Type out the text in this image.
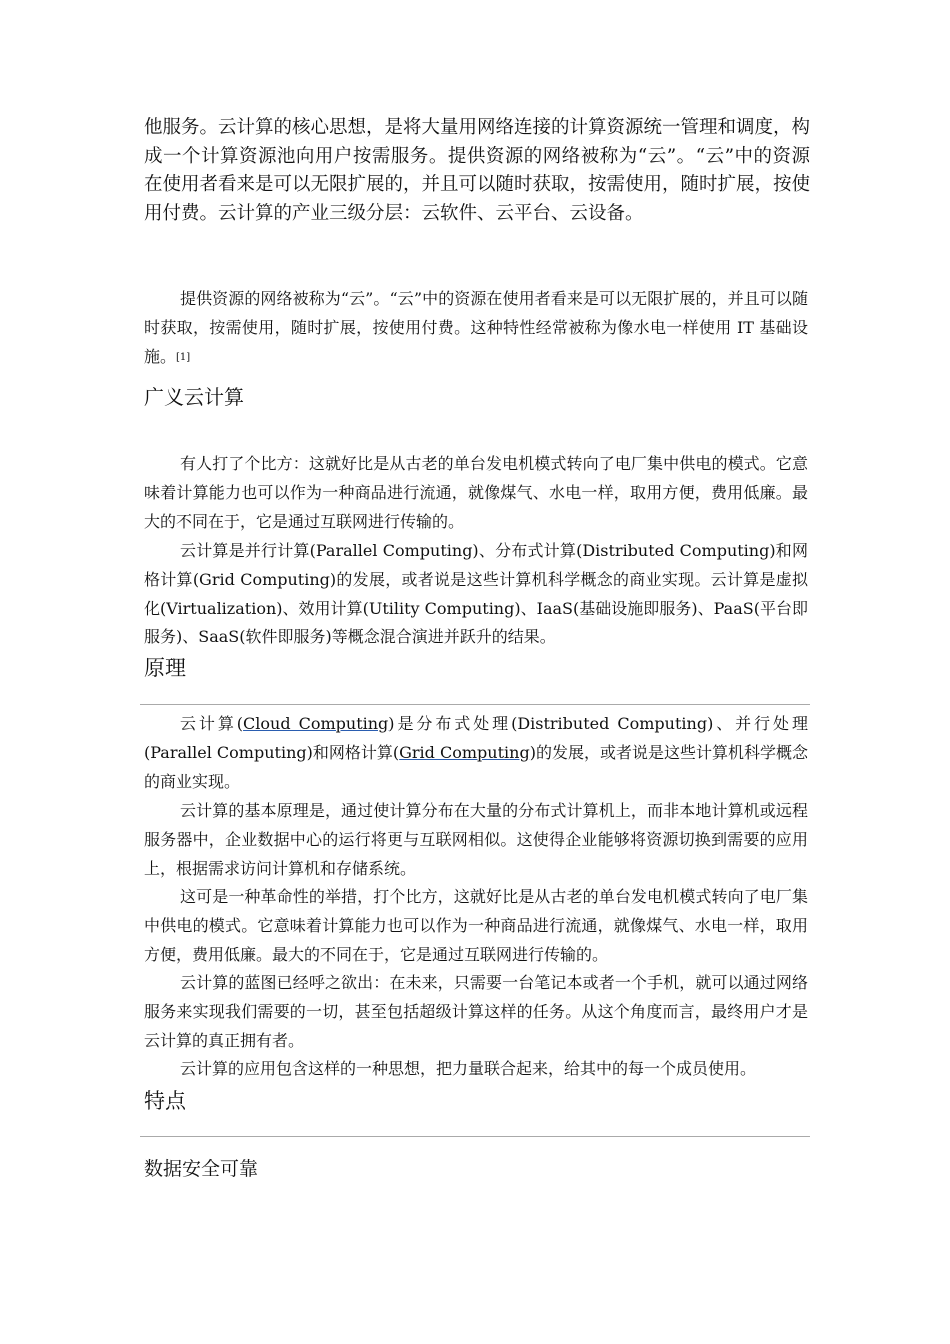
他服务。云计算的核心思想，是将大量用网络连接的计算资源统一管理和调度，构成一个计算资源池向用户按需服务。提供资源的网络被称为“云”。“云”中的资源在使用者看来是可以无限扩展的，并且可以随时获取，按需使用，随时扩展，按使用付费。云计算的产业三级分层：云软件、云平台、云设备。

提供资源的网络被称为“云”。“云”中的资源在使用者看来是可以无限扩展的，并且可以随时获取，按需使用，随时扩展，按使用付费。这种特性经常被称为像水电一样使用 IT 基础设施。[1]

广义云计算

有人打了个比方：这就好比是从古老的单台发电机模式转向了电厂集中供电的模式。它意味着计算能力也可以作为一种商品进行流通，就像煤气、水电一样，取用方便，费用低廉。最大的不同在于，它是通过互联网进行传输的。

云计算是并行计算(Parallel Computing)、分布式计算(Distributed Computing)和网格计算(Grid Computing)的发展，或者说是这些计算机科学概念的商业实现。云计算是虚拟化(Virtualization)、效用计算(Utility Computing)、IaaS(基础设施即服务)、PaaS(平台即服务)、SaaS(软件即服务)等概念混合演进并跃升的结果。

原理

云计算(Cloud Computing)是分布式处理(Distributed Computing)、并行处理(Parallel Computing)和网格计算(Grid Computing)的发展，或者说是这些计算机科学概念的商业实现。

云计算的基本原理是，通过使计算分布在大量的分布式计算机上，而非本地计算机或远程服务器中，企业数据中心的运行将更与互联网相似。这使得企业能够将资源切换到需要的应用上，根据需求访问计算机和存储系统。

这可是一种革命性的举措，打个比方，这就好比是从古老的单台发电机模式转向了电厂集中供电的模式。它意味着计算能力也可以作为一种商品进行流通，就像煤气、水电一样，取用方便，费用低廉。最大的不同在于，它是通过互联网进行传输的。

云计算的蓝图已经呼之欲出：在未来，只需要一台笔记本或者一个手机，就可以通过网络服务来实现我们需要的一切，甚至包括超级计算这样的任务。从这个角度而言，最终用户才是云计算的真正拥有者。

云计算的应用包含这样的一种思想，把力量联合起来，给其中的每一个成员使用。

特点
数据安全可靠
